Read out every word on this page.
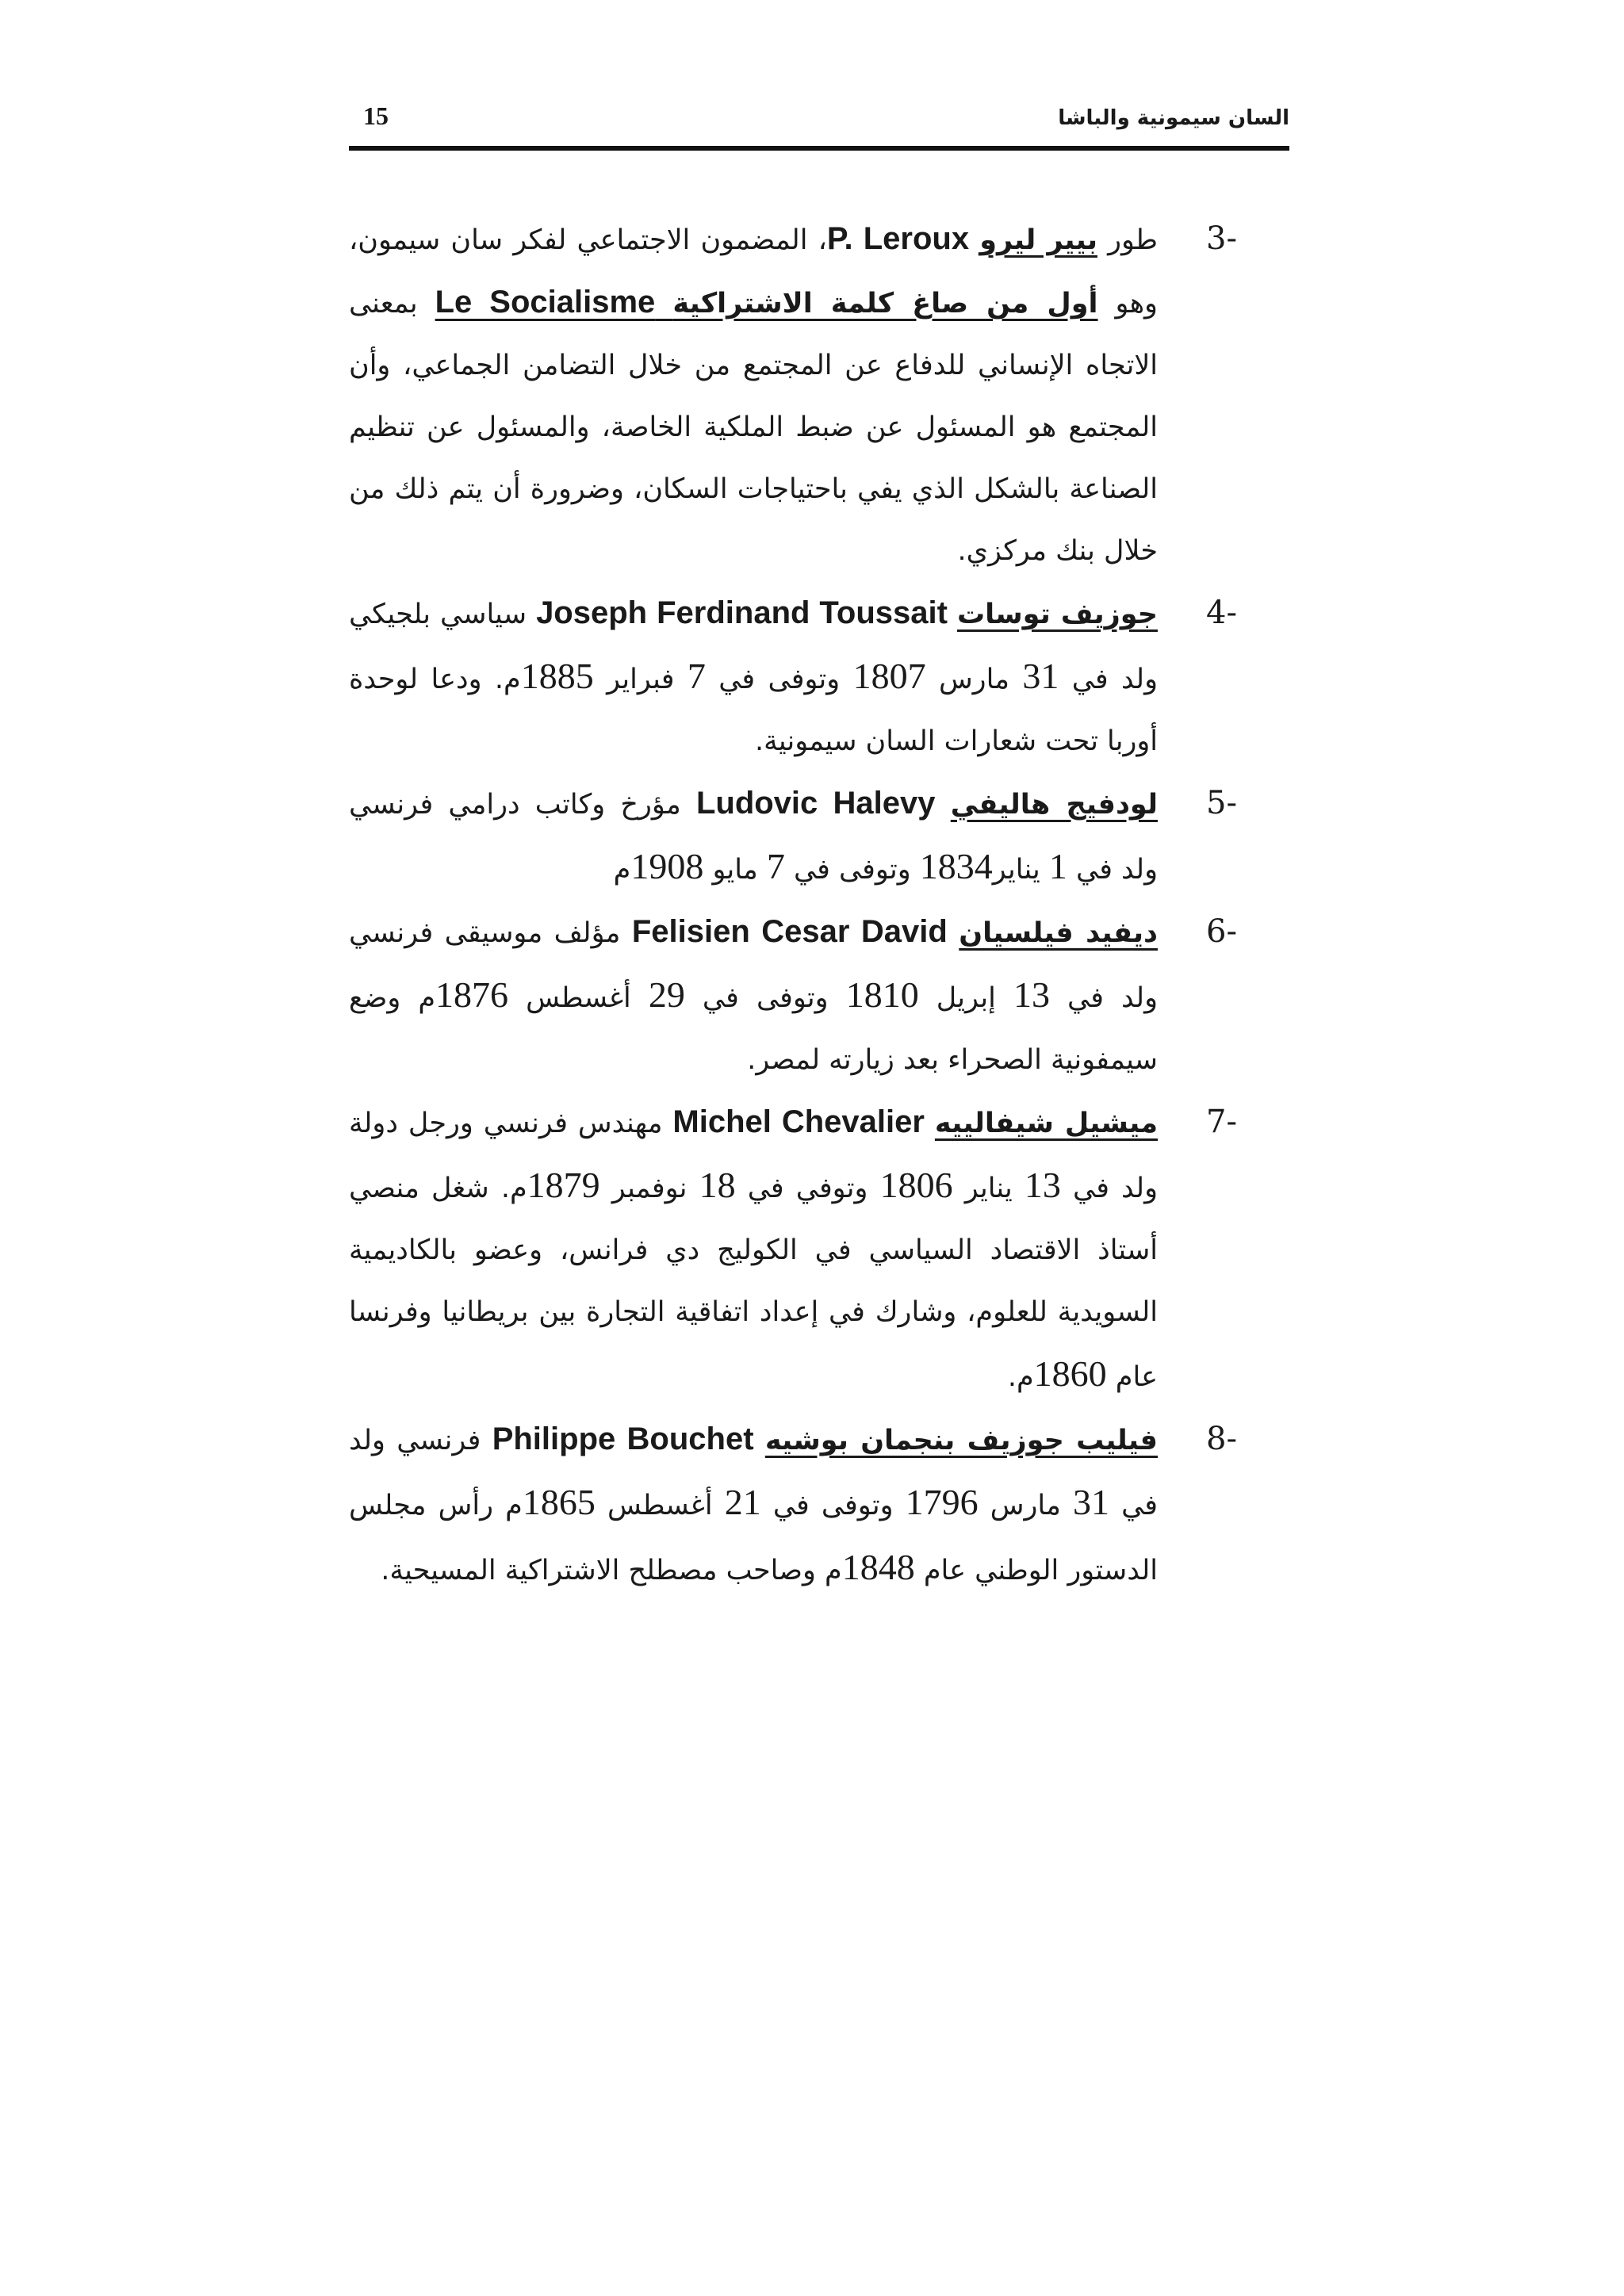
السان سيمونية والباشا
15
3-
طور بيير ليرو P. Leroux، المضمون الاجتماعي لفكر سان سيمون، وهو أول من صاغ كلمة الاشتراكية Le Socialisme بمعنى الاتجاه الإنساني للدفاع عن المجتمع من خلال التضامن الجماعي، وأن المجتمع هو المسئول عن ضبط الملكية الخاصة، والمسئول عن تنظيم الصناعة بالشكل الذي يفي باحتياجات السكان، وضرورة أن يتم ذلك من خلال بنك مركزي.
4-
جوزيف توسات Joseph Ferdinand Toussait سياسي بلجيكي ولد في 31 مارس 1807 وتوفى في 7 فبراير 1885م. ودعا لوحدة أوربا تحت شعارات السان سيمونية.
5-
لودفيج هاليفي Ludovic Halevy مؤرخ وكاتب درامي فرنسي ولد في 1 يناير1834 وتوفى في 7 مايو 1908م
6-
ديفيد فيلسيان Felisien Cesar David مؤلف موسيقى فرنسي ولد في 13 إبريل 1810 وتوفى في 29 أغسطس 1876م وضع سيمفونية الصحراء بعد زيارته لمصر.
7-
ميشيل شيفالييه Michel Chevalier مهندس فرنسي ورجل دولة ولد في 13 يناير 1806 وتوفي في 18 نوفمبر 1879م. شغل منصي أستاذ الاقتصاد السياسي في الكوليج دي فرانس، وعضو بالكاديمية السويدية للعلوم، وشارك في إعداد اتفاقية التجارة بين بريطانيا وفرنسا عام 1860م.
8-
فيليب جوزيف بنجمان بوشيه Philippe Bouchet فرنسي ولد في 31 مارس 1796 وتوفى في 21 أغسطس 1865م رأس مجلس الدستور الوطني عام 1848م وصاحب مصطلح الاشتراكية المسيحية.
